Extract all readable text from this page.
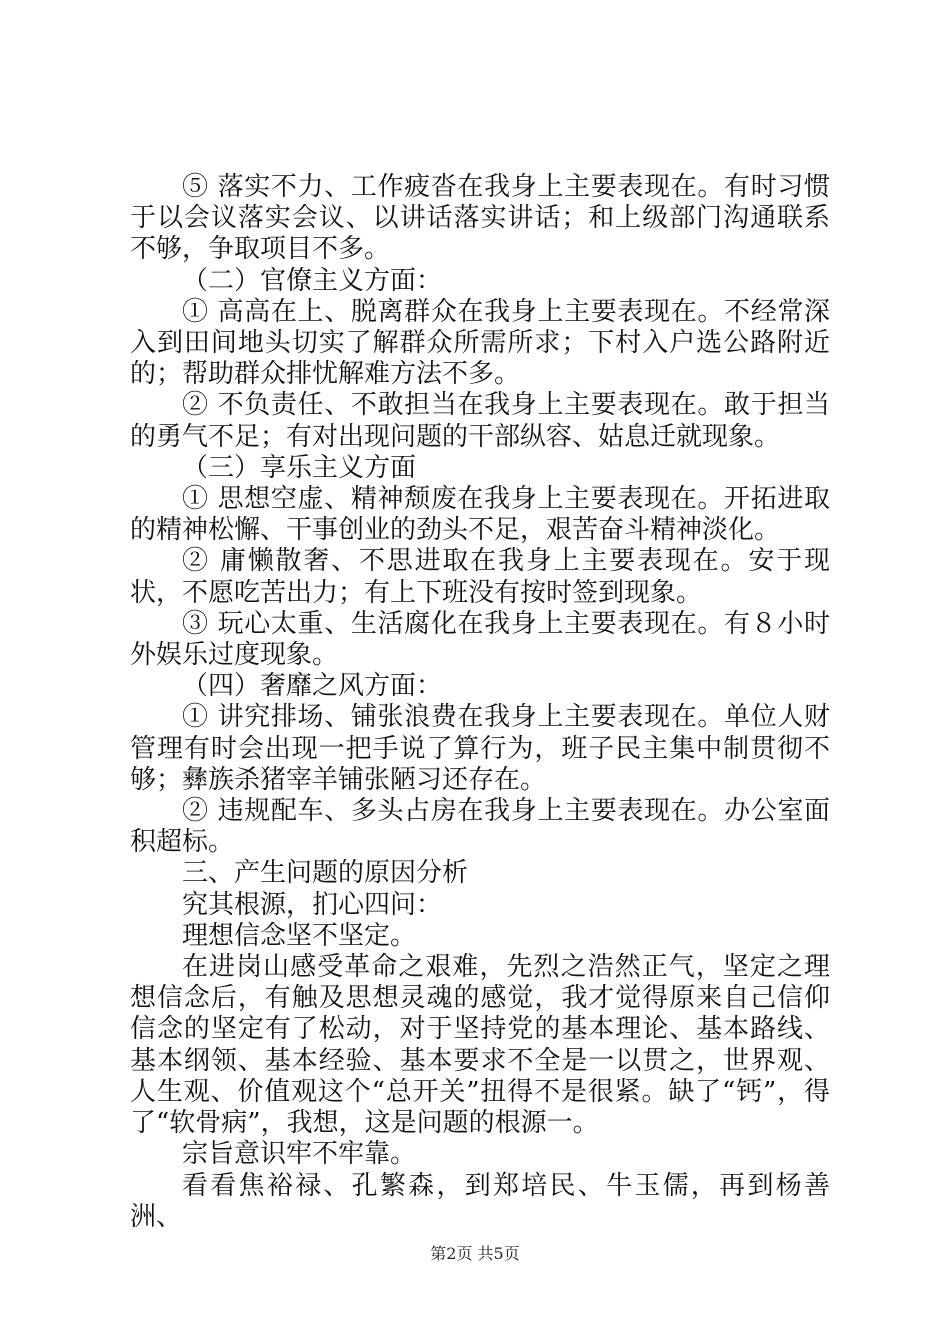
⑤ 落实不力、工作疲沓在我身上主要表现在。有时习惯于以会议落实会议、以讲话落实讲话；和上级部门沟通联系不够，争取项目不多。

（二）官僚主义方面：

① 高高在上、脱离群众在我身上主要表现在。不经常深入到田间地头切实了解群众所需所求；下村入户选公路附近的；帮助群众排忧解难方法不多。

② 不负责任、不敢担当在我身上主要表现在。敢于担当的勇气不足；有对出现问题的干部纵容、姑息迁就现象。

（三）享乐主义方面

① 思想空虚、精神颓废在我身上主要表现在。开拓进取的精神松懈、干事创业的劲头不足，艰苦奋斗精神淡化。

② 庸懒散奢、不思进取在我身上主要表现在。安于现状，不愿吃苦出力；有上下班没有按时签到现象。

③ 玩心太重、生活腐化在我身上主要表现在。有８小时外娱乐过度现象。

（四）奢靡之风方面：

① 讲究排场、铺张浪费在我身上主要表现在。单位人财管理有时会出现一把手说了算行为，班子民主集中制贯彻不够；彝族杀猪宰羊铺张陋习还存在。

② 违规配车、多头占房在我身上主要表现在。办公室面积超标。

三、产生问题的原因分析

究其根源，扪心四问：

理想信念坚不坚定。

在进岗山感受革命之艰难，先烈之浩然正气，坚定之理想信念后，有触及思想灵魂的感觉，我才觉得原来自己信仰信念的坚定有了松动，对于坚持党的基本理论、基本路线、基本纲领、基本经验、基本要求不全是一以贯之，世界观、人生观、价值观这个“总开关”扭得不是很紧。缺了“钙”，得了“软骨病”，我想，这是问题的根源一。

宗旨意识牢不牢靠。

看看焦裕禄、孔繁森，到郑培民、牛玉儒，再到杨善洲、

第2页 共5页
